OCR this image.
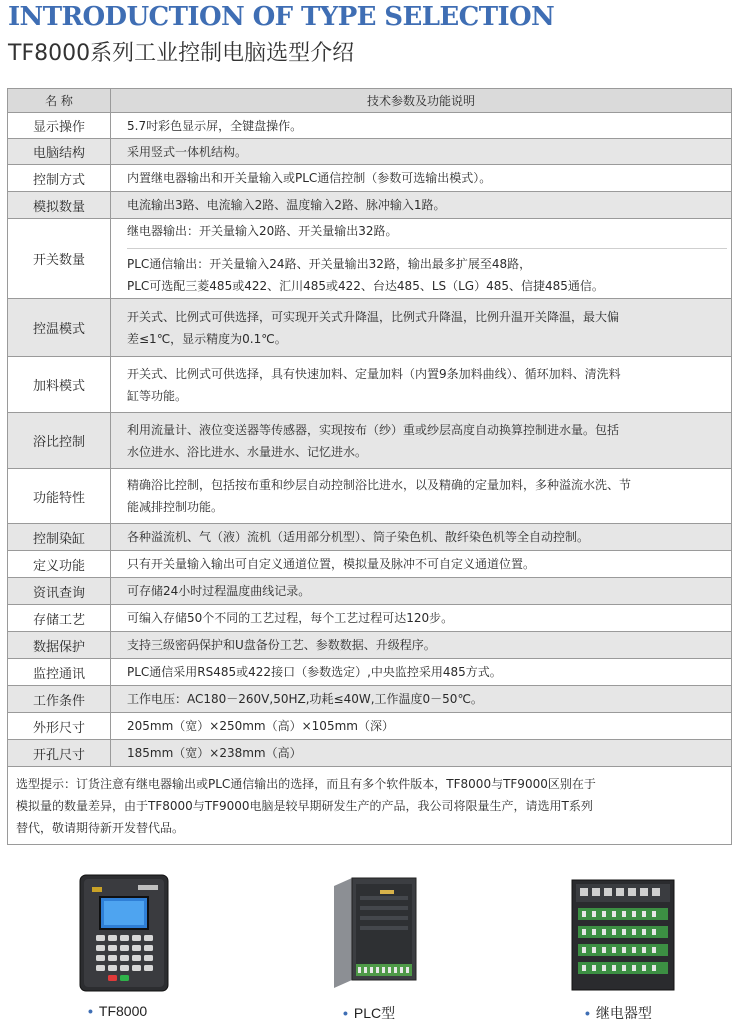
INTRODUCTION OF TYPE SELECTION
TF8000系列工业控制电脑选型介绍
名 称	技术参数及功能说明
显示操作	5.7吋彩色显示屏，全键盘操作。
电脑结构	采用竖式一体机结构。
控制方式	内置继电器输出和开关量输入或PLC通信控制（参数可选输出模式）。
模拟数量	电流输出3路、电流输入2路、温度输入2路、脉冲输入1路。
开关数量	继电器输出：开关量输入20路、开关量输出32路。
PLC通信输出：开关量输入24路、开关量输出32路，输出最多扩展至48路，
PLC可选配三菱485或422、汇川485或422、台达485、LS（LG）485、信捷485通信。

控温模式	开关式、比例式可供选择，可实现开关式升降温，比例式升降温，比例升温开关降温，最大偏
差≤1℃，显示精度为0.1℃。

加料模式	开关式、比例式可供选择，具有快速加料、定量加料（内置9条加料曲线）、循环加料、清洗料
缸等功能。

浴比控制	利用流量计、液位变送器等传感器，实现按布（纱）重或纱层高度自动换算控制进水量。包括
水位进水、浴比进水、水量进水、记忆进水。

功能特性	精确浴比控制，包括按布重和纱层自动控制浴比进水，以及精确的定量加料，多种溢流水洗、节
能减排控制功能。

控制染缸	各种溢流机、气（液）流机（适用部分机型）、筒子染色机、散纤染色机等全自动控制。
定义功能	只有开关量输入输出可自定义通道位置，模拟量及脉冲不可自定义通道位置。
资讯查询	可存储24小时过程温度曲线记录。
存储工艺	可编入存储50个不同的工艺过程，每个工艺过程可达120步。
数据保护	支持三级密码保护和U盘备份工艺、参数数据、升级程序。
监控通讯	PLC通信采用RS485或422接口（参数选定）,中央监控采用485方式。
工作条件	工作电压：AC180－260V,50HZ,功耗≤40W,工作温度0－50℃。
外形尺寸	205mm（宽）×250mm（高）×105mm（深）
开孔尺寸	185mm（宽）×238mm（高）

选型提示：订货注意有继电器输出或PLC通信输出的选择，而且有多个软件版本，TF8000与TF9000区别在于
模拟量的数量差异，由于TF8000与TF9000电脑是较早期研发生产的产品，我公司将限量生产，请选用T系列
替代，敬请期待新开发替代品。	
• TF8000	• PLC型	• 继电器型
